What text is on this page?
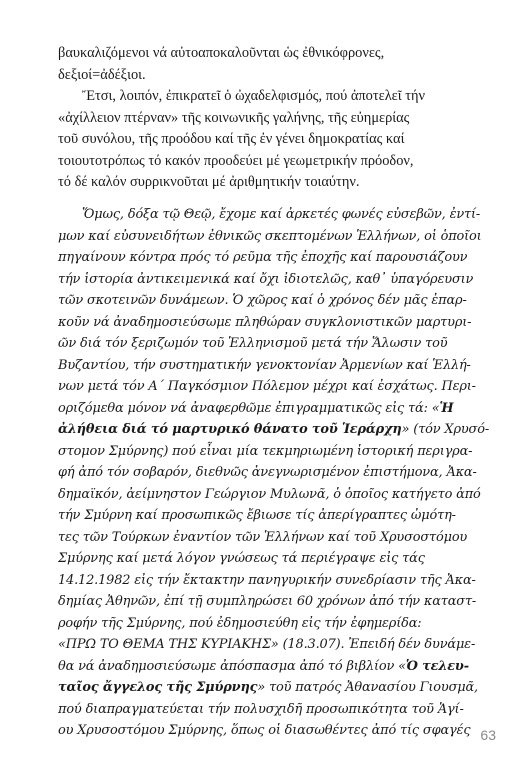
βαυκαλιζόμενοι νά αὐτοαποκαλοῦνται ὡς ἐθνικόφρονες,
δεξιοί=ἀδέξιοι.
Ἔτσι, λοιπόν, ἐπικρατεῖ ὁ ὠχαδελφισμός, πού ἀποτελεῖ τήν
«ἀχίλλειον πτέρναν» τῆς κοινωνικῆς γαλήνης, τῆς εὐημερίας
τοῦ συνόλου, τῆς προόδου καί τῆς ἐν γένει δημοκρατίας καί
τοιουτοτρόπως τό κακόν προοδεύει μέ γεωμετρικήν πρόοδον,
τό δέ καλόν συρρικνοῦται μέ ἀριθμητικήν τοιαύτην.
Ὅμως, δόξα τῷ Θεῷ, ἔχομε καί ἀρκετές φωνές εὐσεβῶν, ἐντί-
μων καί εὐσυνειδήτων ἐθνικῶς σκεπτομένων Ἑλλήνων, οἱ ὁποῖοι
πηγαίνουν κόντρα πρός τό ρεῦμα τῆς ἐποχῆς καί παρουσιάζουν
τήν ἱστορία ἀντικειμενικά καί ὄχι ἰδιοτελῶς, καθ᾽ ὑπαγόρευσιν
τῶν σκοτεινῶν δυνάμεων. Ὁ χῶρος καί ὁ χρόνος δέν μᾶς ἐπαρ-
κοῦν νά ἀναδημοσιεύσωμε πληθώραν συγκλονιστικῶν μαρτυρι-
ῶν διά τόν ξεριζωμόν τοῦ Ἑλληνισμοῦ μετά τήν Ἅλωσιν τοῦ
Βυζαντίου, τήν συστηματικήν γενοκτονίαν Ἀρμενίων καί Ἑλλή-
νων μετά τόν Α΄ Παγκόσμιον Πόλεμον μέχρι καί ἐσχάτως. Περι-
οριζόμεθα μόνον νά ἀναφερθῶμε ἐπιγραμματικῶς εἰς τά: «Ἡ
ἀλήθεια διά τό μαρτυρικό θάνατο τοῦ Ἱεράρχη» (τόν Χρυσό-
στομον Σμύρνης) πού εἶναι μία τεκμηριωμένη ἱστορική περιγρα-
φή ἀπό τόν σοβαρόν, διεθνῶς ἀνεγνωρισμένον ἐπιστήμονα, Ἀκα-
δημαϊκόν, ἀείμνηστον Γεώργιον Μυλωνᾶ, ὁ ὁποῖος κατήγετο ἀπό
τήν Σμύρνη καί προσωπικῶς ἔβιωσε τίς ἀπερίγραπτες ὠμότη-
τες τῶν Τούρκων ἐναντίον τῶν Ἑλλήνων καί τοῦ Χρυσοστόμου
Σμύρνης καί μετά λόγον γνώσεως τά περιέγραψε εἰς τάς
14.12.1982 εἰς τήν ἔκτακτην πανηγυρικήν συνεδρίασιν τῆς Ἀκα-
δημίας Ἀθηνῶν, ἐπί τῇ συμπληρώσει 60 χρόνων ἀπό τήν καταστ-
ροφήν τῆς Σμύρνης, πού ἐδημοσιεύθη εἰς τήν ἐφημερίδα:
«ΠΡΩ ΤΟ ΘΕΜΑ ΤΗΣ ΚΥΡΙΑΚΗΣ» (18.3.07). Ἐπειδή δέν δυνάμε-
θα νά ἀναδημοσιεύσωμε ἀπόσπασμα ἀπό τό βιβλίον «Ὁ τελευ-
ταῖος ἄγγελος τῆς Σμύρνης» τοῦ πατρός Ἀθανασίου Γιουσμᾶ,
πού διαπραγματεύεται τήν πολυσχιδῆ προσωπικότητα τοῦ Ἁγί-
ου Χρυσοστόμου Σμύρνης, ὅπως οἱ διασωθέντες ἀπό τίς σφαγές 63
